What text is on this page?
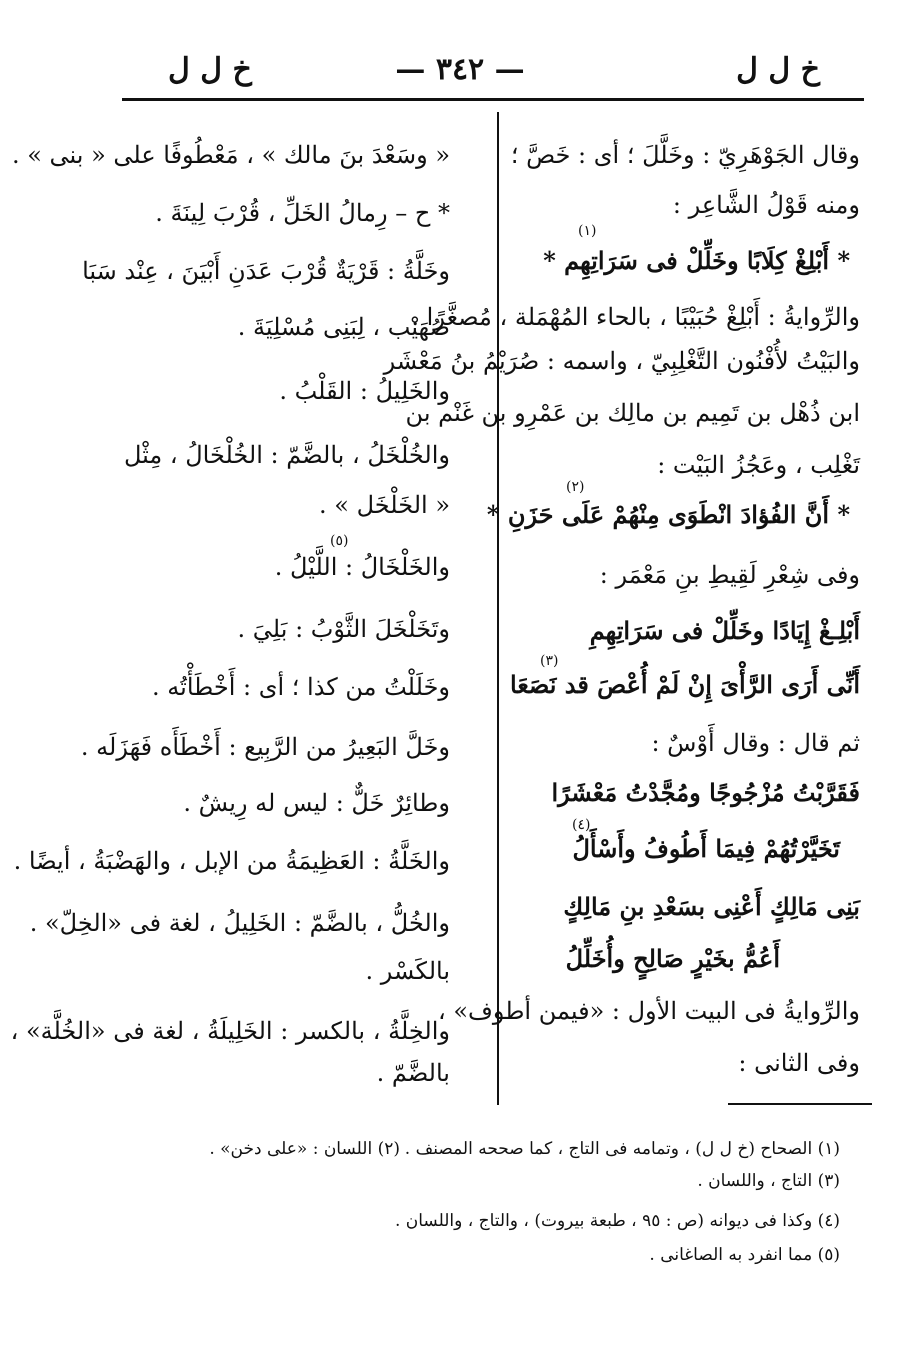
خ ل ل
— ٣٤٢ —
خ ل ل
وقال الجَوْهَرِيّ : وخَلَّلَ ؛ أى : خَصَّ ؛
ومنه قَوْلُ الشَّاعِر :
* أَبْلِغْ كِلَابًا وخَلِّلْ فى سَرَاتِهِم *
والرِّوايةُ : أَبْلِغْ حُبَيْبًا ، بالحاء المُهْمَلة ، مُصغَّرًا .
والبَيْتُ لأُفْنُون التَّغْلِبِيّ ، واسمه : صُرَيْمُ بنُ مَعْشَر
ابن ذُهْل بن تَمِيم بن مالِك بن عَمْرِو بن غَنْم بن
تَغْلِب ، وعَجُزُ البَيْت :
* أَنَّ الفُؤادَ انْطَوَى مِنْهُمْ عَلَى حَزَنِ *
وفى شِعْرِ لَقِيطِ بنِ مَعْمَر :
أَبْلِـغْ إِيَادًا وخَلِّلْ فى سَرَاتِهِمِ
أَنِّى أَرَى الرَّأْىَ إِنْ لَمْ أُعْصَ قد نَصَعَا
ثم قال : وقال أَوْسٌ :
فَقَرَّبْتُ مُزْجُوجًا ومُجَّدْتُ مَعْشَرًا
تَخَيَّرْتُهُمْ فِيمَا أَطُوفُ وأَسْأَلُ
بَنِى مَالِكٍ أَعْنِى بسَعْدِ بنِ مَالِكٍ
أَعُمُّ بخَيْرٍ صَالِحٍ وأُخَلِّلُ
والرِّوايةُ فى البيت الأول : «فيمن أطوف» ،
وفى الثانى :
« وسَعْدَ بنَ مالك » ، مَعْطُوفًا على « بنى » .
* ح – رِمالُ الخَلِّ ، قُرْبَ لِينَةَ .
وخَلَّةُ : قَرْيَةٌ قُرْبَ عَدَنِ أَبْيَنَ ، عِنْد سَبَا
صُهَيْب ، لِبَنِى مُسْلِيَةَ .
والخَلِيلُ : القَلْبُ .
والخُلْخَلُ ، بالضَّمّ : الخُلْخَالُ ، مِثْل
« الخَلْخَل » .
والخَلْخَالُ : اللَّيْلُ .
وتَخَلْخَلَ الثَّوْبُ : بَلِيَ .
وخَلَلْتُ من كذا ؛ أى : أَخْطَأْتُه .
وخَلَّ البَعِيرُ من الرَّبِيع : أَخْطَأَه فَهَزَلَه .
وطائِرٌ خَلٌّ : ليس له رِيشٌ .
والخَلَّةُ : العَظِيمَةُ من الإبل ، والهَضْبَةُ ، أيضًا .
والخُلُّ ، بالضَّمّ : الخَلِيلُ ، لغة فى «الخِلّ» .
بالكَسْر .
والخِلَّةُ ، بالكسر : الخَلِيلَةُ ، لغة فى «الخُلَّة» ،
بالضَّمّ .
(١)
(٢)
(٣)
(٤)
(٥)
(١) الصحاح (خ ل ل) ، وتمامه فى التاج ، كما صححه المصنف .
(٢) اللسان : «على دخن» .
(٣) التاج ، واللسان .
(٤) وكذا فى ديوانه (ص : ٩٥ ، طبعة بيروت) ، والتاج ، واللسان .
(٥) مما انفرد به الصاغانى .
